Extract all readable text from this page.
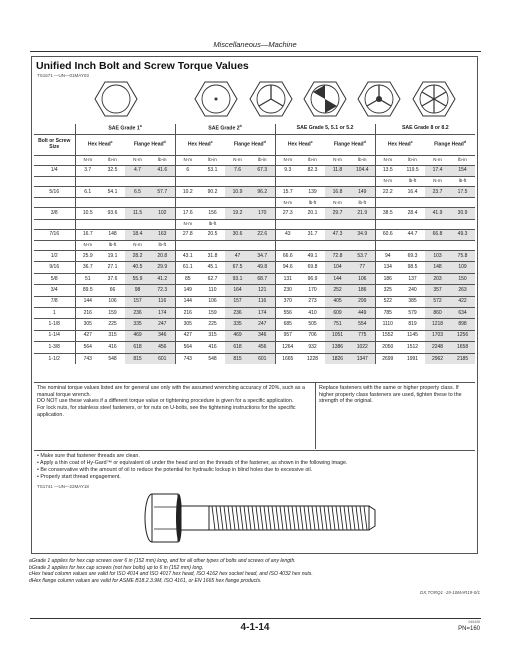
Miscellaneous—Machine
Unified Inch Bolt and Screw Torque Values
TS1671 —UN—01MAY03
	SAE Grade 1$^a$				SAE Grade 2$^b$				SAE Grade 5, 5.1 or 5.2				SAE Grade 8 or 8.2			
Bolt or Screw Size	Hex Head$^c$		Flange Head$^d$		Hex Head$^c$		Flange Head$^d$		Hex Head$^c$		Flange Head$^d$		Hex Head$^c$		Flange Head$^d$
	N·m	lb-in	N·m	lb-in	N·m	lb-in	N·m	lb-in	N·m	lb-in	N·m	lb-in	N·m	lb-in	N·m	lb-in
1/4	3.7	32.5	4.7	41.6	6	53.1	7.6	67.3	9.3	82.3	11.8	104.4	13.5	119.5	17.4	154
													N·m	lb-ft	N·m	lb-ft
5/16	6.1	54.1	6.5	57.7	10.2	90.2	10.9	96.2	15.7	139	16.8	149	22.2	16.4	23.7	17.5
									N·m	lb-ft	N·m	lb-ft				
3/8	10.5	93.6	11.5	102	17.6	156	19.2	170	27.3	20.1	29.7	21.9	38.5	28.4	41.9	30.9
					N·m	lb-ft										
7/16	16.7	148	18.4	163	27.8	20.5	30.6	22.6	43	31.7	47.3	34.9	60.6	44.7	66.8	49.3
	N·m	lb-ft	N·m	lb-ft												
1/2	25.9	19.1	28.2	20.8	43.1	31.8	47	34.7	66.6	49.1	72.8	53.7	94	69.3	103	75.8
9/16	36.7	27.1	40.5	29.9	61.1	45.1	67.5	49.8	94.6	69.8	104	77	134	98.5	148	109
5/8	51	37.6	55.9	41.2	85	62.7	93.1	68.7	131	96.9	144	106	186	137	203	150
3/4	89.5	66	98	72.3	149	110	164	121	230	170	252	186	325	240	357	263
7/8	144	106	157	116	144	106	157	116	370	273	405	299	522	385	572	422
1	216	159	236	174	216	159	236	174	556	410	609	449	785	579	860	634
1-1/8	305	225	335	247	305	225	335	247	685	505	751	554	1110	819	1218	898
1-1/4	427	315	469	346	427	315	469	346	957	706	1051	775	1552	1145	1703	1256
1-3/8	564	416	618	456	564	416	618	456	1264	932	1386	1022	2050	1512	2248	1658
1-1/2	743	548	815	601	743	548	815	601	1665	1228	1826	1347	2699	1991	2962	2185
The nominal torque values listed are for general use only with the assumed wrenching accuracy of 20%, such as a manual torque wrench.
DO NOT use these values if a different torque value or tightening procedure is given for a specific application.
For lock nuts, for stainless steel fasteners, or for nuts on U-bolts, see the tightening instructions for the specific application.
Replace fasteners with the same or higher property class. If higher property class fasteners are used, tighten these to the strength of the original.
• Make sure that fastener threads are clean.
• Apply a thin coat of Hy-Gard™ or equivalent oil under the head and on the threads of the fastener, as shown in the following image.
• Be conservative with the amount of oil to reduce the potential for hydraulic lockup in blind holes due to excessive oil.
• Properly start thread engagement.
TS1741 —UN—22MAY18
aGrade 1 applies for hex cap screws over 6 in (152 mm) long, and for all other types of bolts and screws of any length.
bGrade 2 applies for hex cap screws (not hex bolts) up to 6 in (152 mm) long.
cHex head column values are valid for ISO 4014 and ISO 4017 hex head, ISO 4162 hex socket head, and ISO 4032 hex nuts.
dHex flange column values are valid for ASME B18.2.3.9M, ISO 4161, or EN 1665 hex flange products.
DX,TORQ1 -19-10MAR19-0/1
4-1-14	040426
PN=160
